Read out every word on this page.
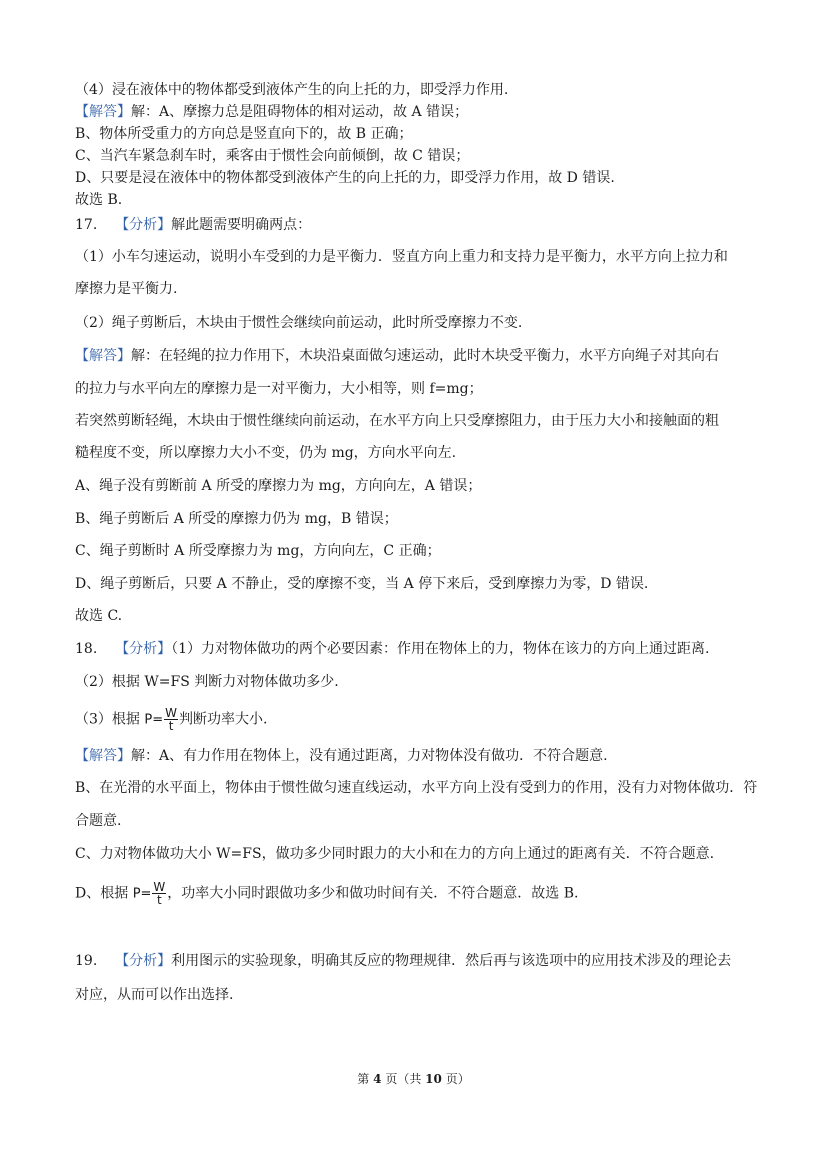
（4）浸在液体中的物体都受到液体产生的向上托的力，即受浮力作用.
【解答】解：A、摩擦力总是阻碍物体的相对运动，故 A 错误；
B、物体所受重力的方向总是竖直向下的，故 B 正确；
C、当汽车紧急刹车时，乘客由于惯性会向前倾倒，故 C 错误；
D、只要是浸在液体中的物体都受到液体产生的向上托的力，即受浮力作用，故 D 错误.
故选 B.
17. 【分析】解此题需要明确两点：
（1）小车匀速运动，说明小车受到的力是平衡力．竖直方向上重力和支持力是平衡力，水平方向上拉力和
摩擦力是平衡力.
（2）绳子剪断后，木块由于惯性会继续向前运动，此时所受摩擦力不变.
【解答】解：在轻绳的拉力作用下，木块沿桌面做匀速运动，此时木块受平衡力，水平方向绳子对其向右
的拉力与水平向左的摩擦力是一对平衡力，大小相等，则 f=mg；
若突然剪断轻绳，木块由于惯性继续向前运动，在水平方向上只受摩擦阻力，由于压力大小和接触面的粗
糙程度不变，所以摩擦力大小不变，仍为 mg，方向水平向左.
A、绳子没有剪断前 A 所受的摩擦力为 mg，方向向左，A 错误；
B、绳子剪断后 A 所受的摩擦力仍为 mg，B 错误；
C、绳子剪断时 A 所受摩擦力为 mg，方向向左，C 正确；
D、绳子剪断后，只要 A 不静止，受的摩擦不变，当 A 停下来后，受到摩擦力为零，D 错误.
故选 C.
18. 【分析】（1）力对物体做功的两个必要因素：作用在物体上的力，物体在该力的方向上通过距离.
（2）根据 W=FS 判断力对物体做功多少.
（3）根据 $P= \frac{W}{t}$ 判断功率大小.
【解答】解：A、有力作用在物体上，没有通过距离，力对物体没有做功．不符合题意.
B、在光滑的水平面上，物体由于惯性做匀速直线运动，水平方向上没有受到力的作用，没有力对物体做功．符
合题意.
C、力对物体做功大小 W=FS，做功多少同时跟力的大小和在力的方向上通过的距离有关．不符合题意.
D、根据 $P= \frac{W}{t}$ ，功率大小同时跟做功多少和做功时间有关．不符合题意．故选 B.
19. 【分析】利用图示的实验现象，明确其反应的物理规律．然后再与该选项中的应用技术涉及的理论去
对应，从而可以作出选择.
第 4 页（共 10 页）
